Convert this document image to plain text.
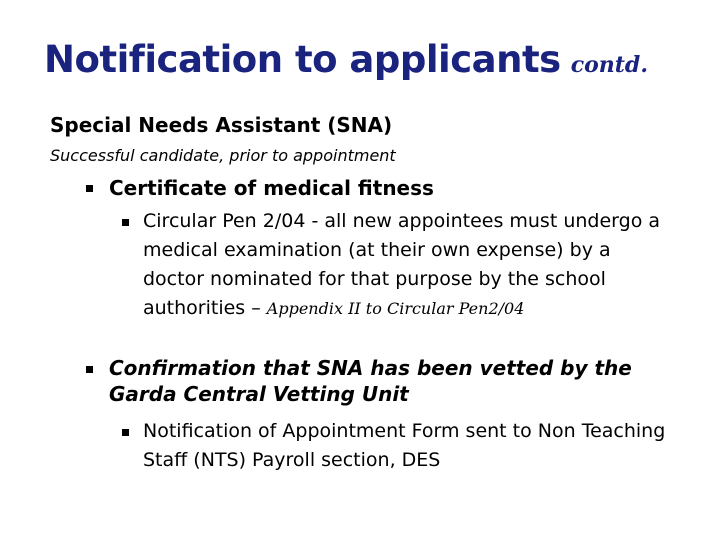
Notification to applicants contd.
Special Needs Assistant (SNA)
Successful candidate, prior to appointment
Certificate of medical fitness
Circular Pen 2/04 - all new appointees must undergo a medical examination (at their own expense) by a doctor nominated for that purpose by the school authorities – Appendix II to Circular Pen2/04
Confirmation that SNA has been vetted by the Garda Central Vetting Unit
Notification of Appointment Form sent to Non Teaching Staff (NTS) Payroll section, DES
